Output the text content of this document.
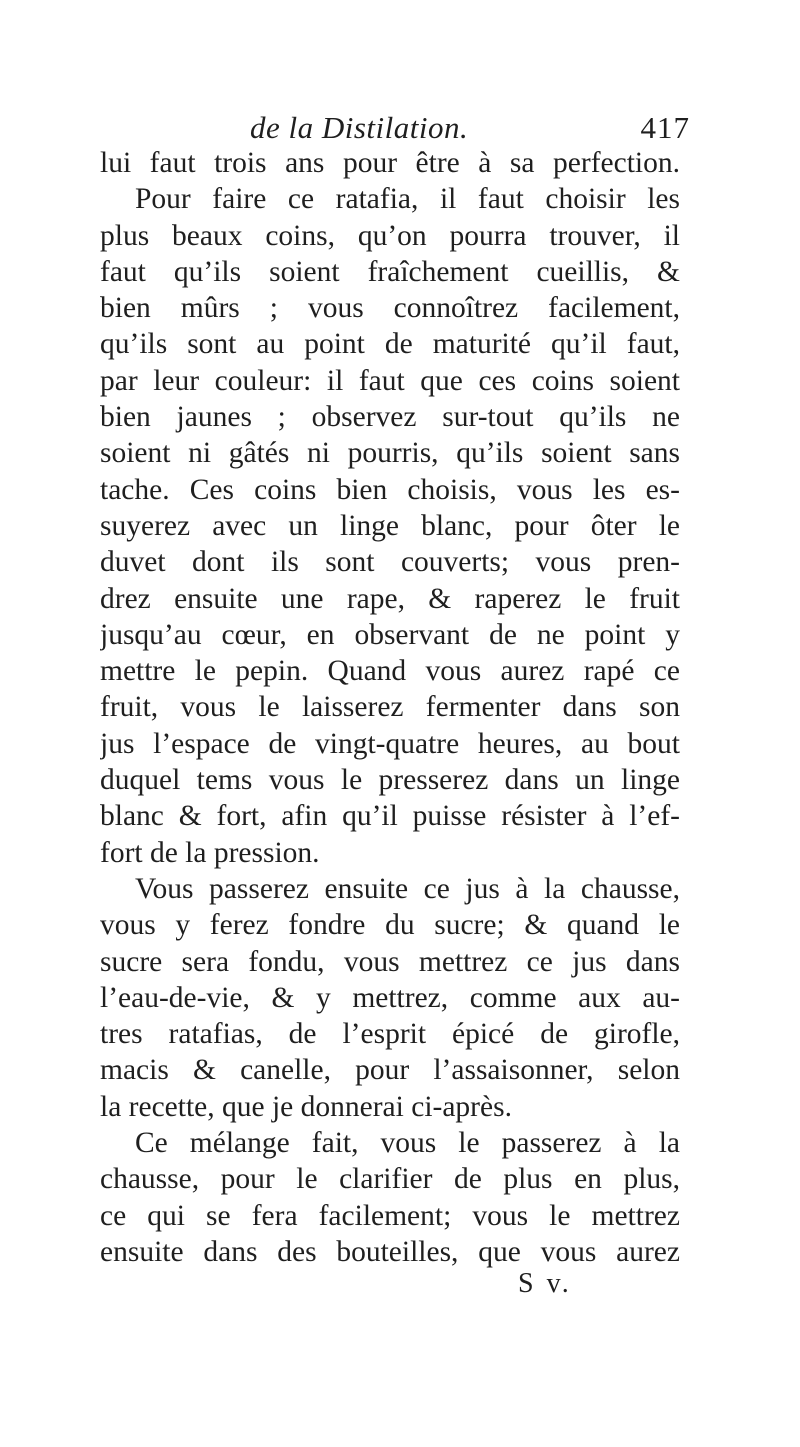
de la Distilation.	417
lui faut trois ans pour être à sa perfection.
Pour faire ce ratafia, il faut choisir les
plus beaux coins, qu’on pourra trouver, il
faut qu’ils soient fraîchement cueillis, &
bien mûrs ; vous connoîtrez facilement,
qu’ils sont au point de maturité qu’il faut,
par leur couleur: il faut que ces coins soient
bien jaunes ; observez sur-tout qu’ils ne
soient ni gâtés ni pourris, qu’ils soient sans
tache. Ces coins bien choisis, vous les es-
suyerez avec un linge blanc, pour ôter le
duvet dont ils sont couverts; vous pren-
drez ensuite une rape, & raperez le fruit
jusqu’au cœur, en observant de ne point y
mettre le pepin. Quand vous aurez rapé ce
fruit, vous le laisserez fermenter dans son
jus l’espace de vingt-quatre heures, au bout
duquel tems vous le presserez dans un linge
blanc & fort, afin qu’il puisse résister à l’ef-
fort de la pression.
Vous passerez ensuite ce jus à la chausse,
vous y ferez fondre du sucre; & quand le
sucre sera fondu, vous mettrez ce jus dans
l’eau-de-vie, & y mettrez, comme aux au-
tres ratafias, de l’esprit épicé de girofle,
macis & canelle, pour l’assaisonner, selon
la recette, que je donnerai ci-après.
Ce mélange fait, vous le passerez à la
chausse, pour le clarifier de plus en plus,
ce qui se fera facilement; vous le mettrez
ensuite dans des bouteilles, que vous aurez
S v.
